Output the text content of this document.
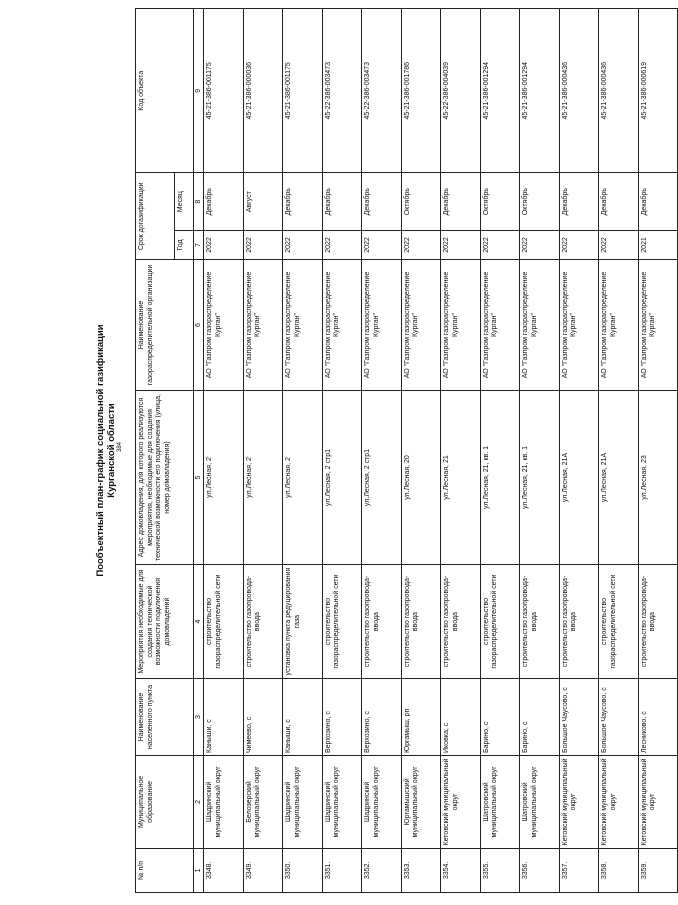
384
Пообъектный план-график социальной газификации Курганской области
№ п/п	Муниципальное образование	Наименование населенного пункта	Мероприятия необходимые для создания технической возможности подключения домовладений	Адрес домовладения, для которого реализуются мероприятия, необходимые для создания технической возможности его подключения (улица, номер домовладения)	Наименование газораспределительной организации	Срок догазификации		Код объекта
						Год	Месяц	
1	2	3	4	5	6	7	8	9
3348.	Шадринский муниципальный округ	Каныши, с	строительство газораспределительной сети	ул.Лесная, 2	АО "Газпром газораспределение Курган"	2022	Декабрь	45-21-386-001175
3349.	Белозерский муниципальный округ	Чимеево, с	строительство газопровода-ввода	ул.Лесная, 2	АО "Газпром газораспределение Курган"	2022	Август	45-21-386-000036
3350.	Шадринский муниципальный округ	Каныши, с	установка пункта редуцирования газа	ул.Лесная, 2	АО "Газпром газораспределение Курган"	2022	Декабрь	45-21-386-001175
3351.	Шадринский муниципальный округ	Верхозино, с	строительство газораспределительной сети	ул.Лесная, 2 стр1	АО "Газпром газораспределение Курган"	2022	Декабрь	45-22-386-003473
3352.	Шадринский муниципальный округ	Верхозино, с	строительство газопровода-ввода	ул.Лесная, 2 стр1	АО "Газпром газораспределение Курган"	2022	Декабрь	45-22-386-003473
3353.	Юргамышский муниципальный округ	Юргамыш, рп	строительство газопровода-ввода	ул.Лесная, 20	АО "Газпром газораспределение Курган"	2022	Октябрь	45-21-386-001786
3354.	Кетовский муниципальный округ	Иковка, с	строительство газопровода-ввода	ул.Лесная, 21	АО "Газпром газораспределение Курган"	2022	Декабрь	45-22-386-004039
3355.	Шатровский муниципальный округ	Барино, с	строительство газораспределительной сети	ул.Лесная, 21, кв. 1	АО "Газпром газораспределение Курган"	2022	Октябрь	45-21-386-001294
3356.	Шатровский муниципальный округ	Барино, с	строительство газопровода-ввода	ул.Лесная, 21, кв. 1	АО "Газпром газораспределение Курган"	2022	Октябрь	45-21-386-001294
3357.	Кетовский муниципальный округ	Большое Чаусово, с	строительство газопровода-ввода	ул.Лесная, 21А	АО "Газпром газораспределение Курган"	2022	Декабрь	45-21-386-000436
3358.	Кетовский муниципальный округ	Большое Чаусово, с	строительство газораспределительной сети	ул.Лесная, 21А	АО "Газпром газораспределение Курган"	2022	Декабрь	45-21-386-000436
3359.	Кетовский муниципальный округ	Лесниково, с	строительство газопровода-ввода	ул.Лесная, 23	АО "Газпром газораспределение Курган"	2021	Декабрь	45-21-386-000619
